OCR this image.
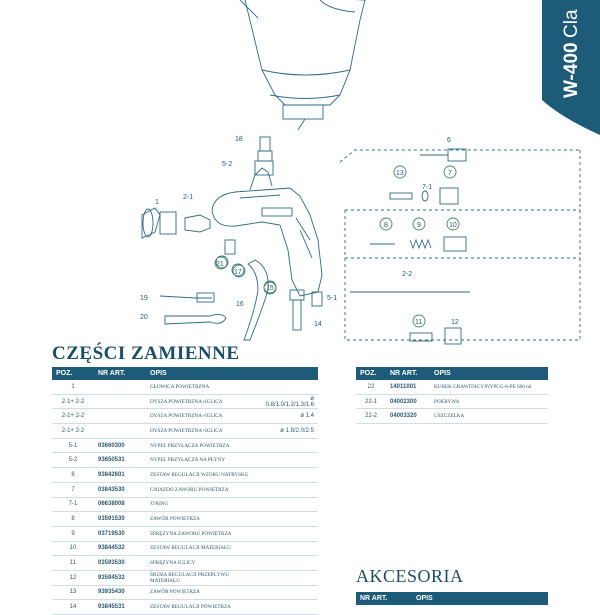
18
5-2
1
2-1
21
17
15
16
19
20
5-1
14
6
13
7-1
7
8	9	10
2-2
11	12
W-400
Cla
CZĘŚCI ZAMIENNE
POZ.	NR ART.	OPIS	
1		GŁOWICA POWIETRZNA	
2-1+ 2-2		DYSZA POWIETRZNA+IGLICA	ø 0.8/1.0/1.2/1.3/1.6
2-1+ 2-2		DYSZA POWIETRZNA+IGLICA	ø 1.4
2-1+ 2-2		DYSZA POWIETRZNA+IGLICA	ø 1.8/2.0/2.5
5-1	03660300	NYPEL PRZYŁĄCZA POWIETRZA	
5-2	93650531	NYPEL PRZYŁĄCZA NA PŁYNY	
6	93842601	ZESTAW REGULACJI WZORU NATRYSKU	
7	03843530	GNIAZDO ZAWORU POWIETRZA	
7-1	06638008	'O'RING	
8	03591530	ZAWÓR POWIETRZA	
9	03719530	SPRĘŻYNA ZAWORU POWIETRZA	
10	93844532	ZESTAW REGULACJI MATERIAŁU	
11	03593530	SPRĘŻYNA IGLICY	
12	93594532	ŚRUBA REGULACJI PRZEPŁYWU MATERIAŁU	
13	93935430	ZAWÓR POWIETRZA	
14	93845531	ZESTAW REGULACJI POWIETRZA	
POZ.	NR ART.	OPIS
22	14011001	KUBEK GRAWITACYJNYPCG-6-PE 600 ml
22-1	04002300	POKRYWA
22-2	04003320	USZCZELKA
AKCESORIA
NR ART.	OPIS
